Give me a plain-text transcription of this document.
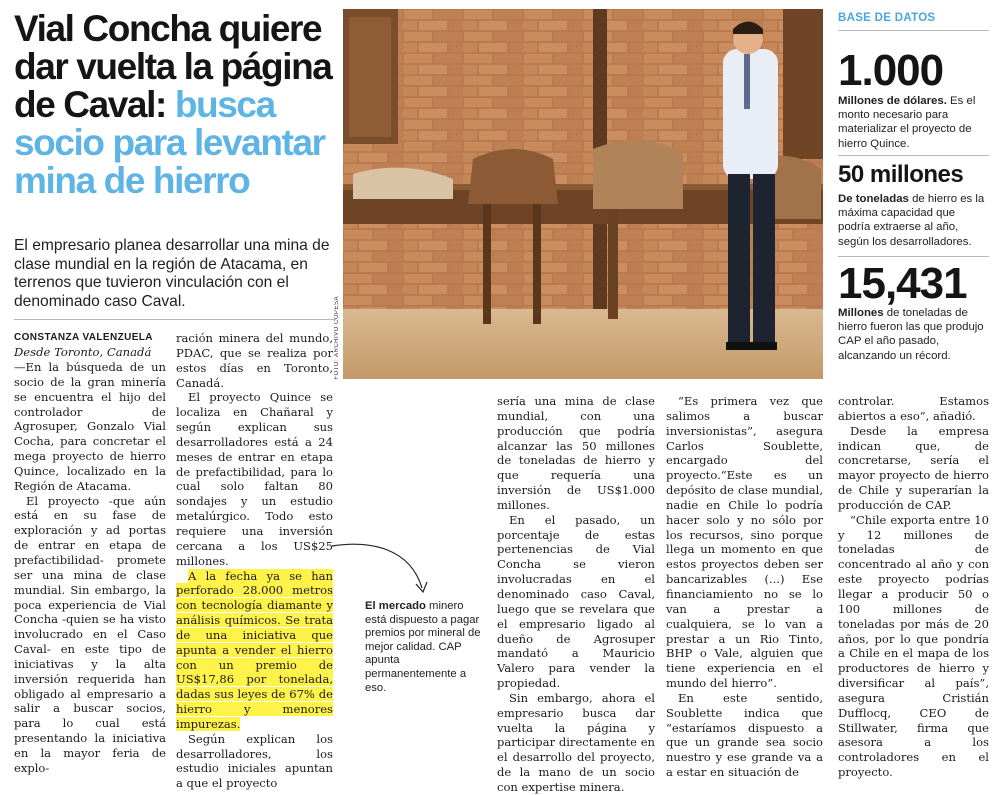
Vial Concha quiere dar vuelta la página de Caval: busca socio para levantar mina de hierro
El empresario planea desarrollar una mina de clase mundial en la región de Atacama, en terrenos que tuvieron vinculación con el denominado caso Caval.
CONSTANZA VALENZUELA
Desde Toronto, Canadá

—En la búsqueda de un socio de la gran minería se encuentra el hijo del controlador de Agrosuper, Gonzalo Vial Cocha, para concretar el mega proyecto de hierro Quince, localizado en la Región de Atacama.

El proyecto -que aún está en su fase de exploración y ad portas de entrar en etapa de prefactibilidad- promete ser una mina de clase mundial. Sin embargo, la poca experiencia de Vial Concha -quien se ha visto involucrado en el Caso Caval- en este tipo de iniciativas y la alta inversión requerida han obligado al empresario a salir a buscar socios, para lo cual está presentando la iniciativa en la mayor feria de explo-

ración minera del mundo, PDAC, que se realiza por estos días en Toronto, Canadá.

El proyecto Quince se localiza en Chañaral y según explican sus desarrolladores está a 24 meses de entrar en etapa de prefactibilidad, para lo cual solo faltan 80 sondajes y un estudio metalúrgico. Todo esto requiere una inversión cercana a los US$25 millones.

A la fecha ya se han perforado 28.000 metros con tecnología diamante y análisis químicos. Se trata de una iniciativa que apunta a vender el hierro con un premio de US$17,86 por tonelada, dadas sus leyes de 67% de hierro y menores impurezas.

Según explican los desarrolladores, los estudio iniciales apuntan a que el proyecto

sería una mina de clase mundial, con una producción que podría alcanzar las 50 millones de toneladas de hierro y que requería una inversión de US$1.000 millones.

En el pasado, un porcentaje de estas pertenencias de Vial Concha se vieron involucradas en el denominado caso Caval, luego que se revelara que el empresario ligado al dueño de Agrosuper mandató a Mauricio Valero para vender la propiedad.

Sin embargo, ahora el empresario busca dar vuelta la página y participar directamente en el desarrollo del proyecto, de la mano de un socio con expertise minera.

“Es primera vez que salimos a buscar inversionistas”, asegura Carlos Soublette, encargado del proyecto.“Este es un depósito de clase mundial, nadie en Chile lo podría hacer solo y no sólo por los recursos, sino porque llega un momento en que estos proyectos deben ser bancarizables (...) Ese financiamiento no se lo van a prestar a cualquiera, se lo van a prestar a un Rio Tinto, BHP o Vale, alguien que tiene experiencia en el mundo del hierro”.

En este sentido, Soublette indica que “estaríamos dispuesto a que un grande sea socio nuestro y ese grande va a a estar en situación de

controlar. Estamos abiertos a eso”, añadió.

Desde la empresa indican que, de concretarse, sería el mayor proyecto de hierro de Chile y superarían la producción de CAP.

“Chile exporta entre 10 y 12 millones de toneladas de concentrado al año y con este proyecto podrías llegar a producir 50 o 100 millones de toneladas por más de 20 años, por lo que pondría a Chile en el mapa de los productores de hierro y diversificar al país”, asegura Cristián Dufflocq, CEO de Stillwater, firma que asesora a los controladores en el proyecto.

El mercado minero está dispuesto a pagar premios por mineral de mejor calidad. CAP apunta permanentemente a eso.
FOTO: ARCHIVO COPESA
BASE DE DATOS
1.000
Millones de dólares. Es el monto necesario para materializar el proyecto de hierro Quince.
50 millones
De toneladas de hierro es la máxima capacidad que podría extraerse al año, según los desarrolladores.
15,431
Millones de toneladas de hierro fueron las que produjo CAP el año pasado, alcanzando un récord.
